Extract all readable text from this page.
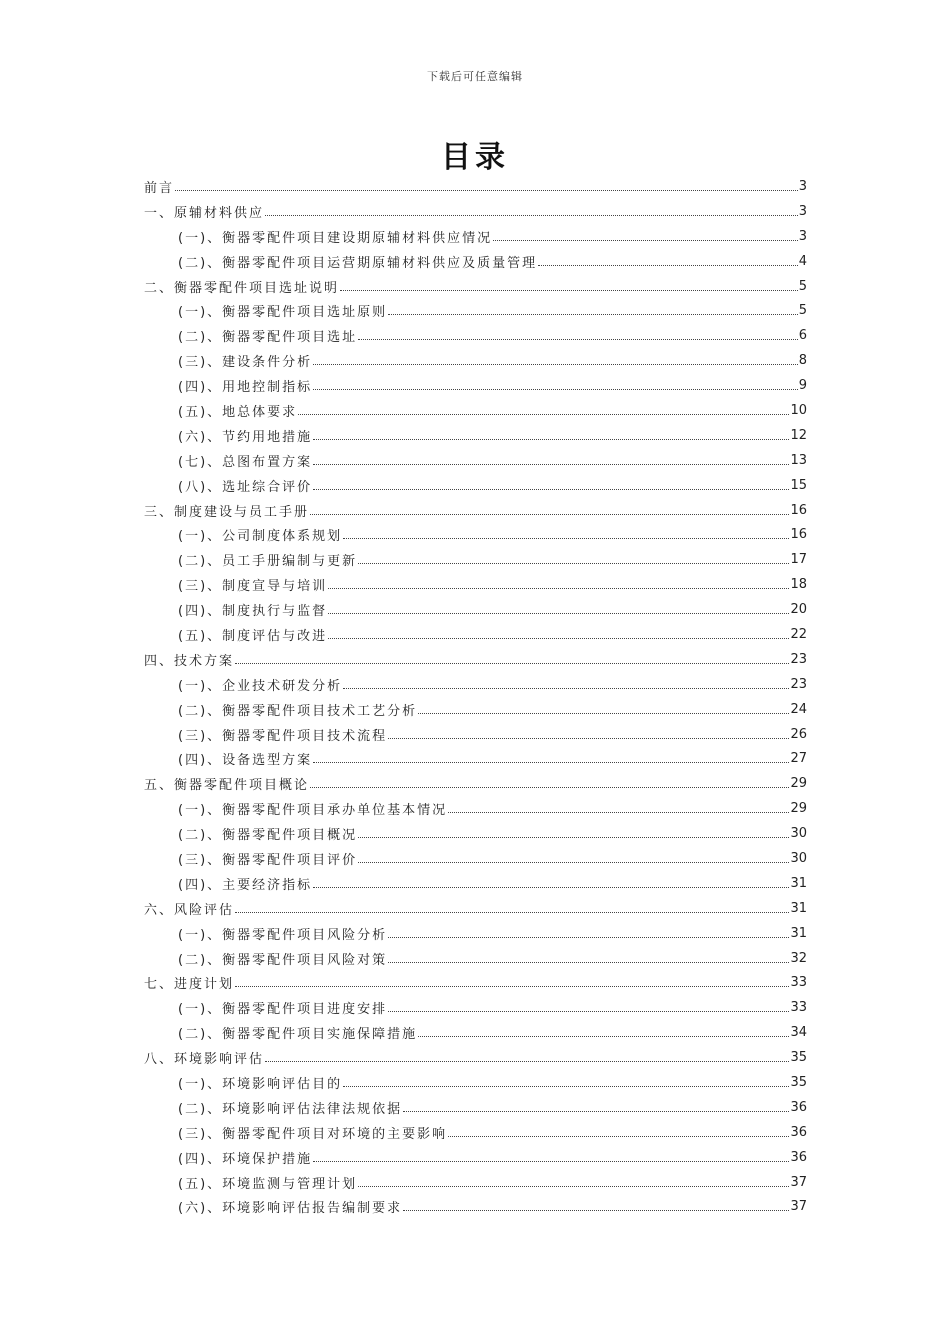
下载后可任意编辑
目录
前言	3
一、原辅材料供应	3
(一)、衡器零配件项目建设期原辅材料供应情况	3
(二)、衡器零配件项目运营期原辅材料供应及质量管理	4
二、衡器零配件项目选址说明	5
(一)、衡器零配件项目选址原则	5
(二)、衡器零配件项目选址	6
(三)、建设条件分析	8
(四)、用地控制指标	9
(五)、地总体要求	10
(六)、节约用地措施	12
(七)、总图布置方案	13
(八)、选址综合评价	15
三、制度建设与员工手册	16
(一)、公司制度体系规划	16
(二)、员工手册编制与更新	17
(三)、制度宣导与培训	18
(四)、制度执行与监督	20
(五)、制度评估与改进	22
四、技术方案	23
(一)、企业技术研发分析	23
(二)、衡器零配件项目技术工艺分析	24
(三)、衡器零配件项目技术流程	26
(四)、设备选型方案	27
五、衡器零配件项目概论	29
(一)、衡器零配件项目承办单位基本情况	29
(二)、衡器零配件项目概况	30
(三)、衡器零配件项目评价	30
(四)、主要经济指标	31
六、风险评估	31
(一)、衡器零配件项目风险分析	31
(二)、衡器零配件项目风险对策	32
七、进度计划	33
(一)、衡器零配件项目进度安排	33
(二)、衡器零配件项目实施保障措施	34
八、环境影响评估	35
(一)、环境影响评估目的	35
(二)、环境影响评估法律法规依据	36
(三)、衡器零配件项目对环境的主要影响	36
(四)、环境保护措施	36
(五)、环境监测与管理计划	37
(六)、环境影响评估报告编制要求	37
